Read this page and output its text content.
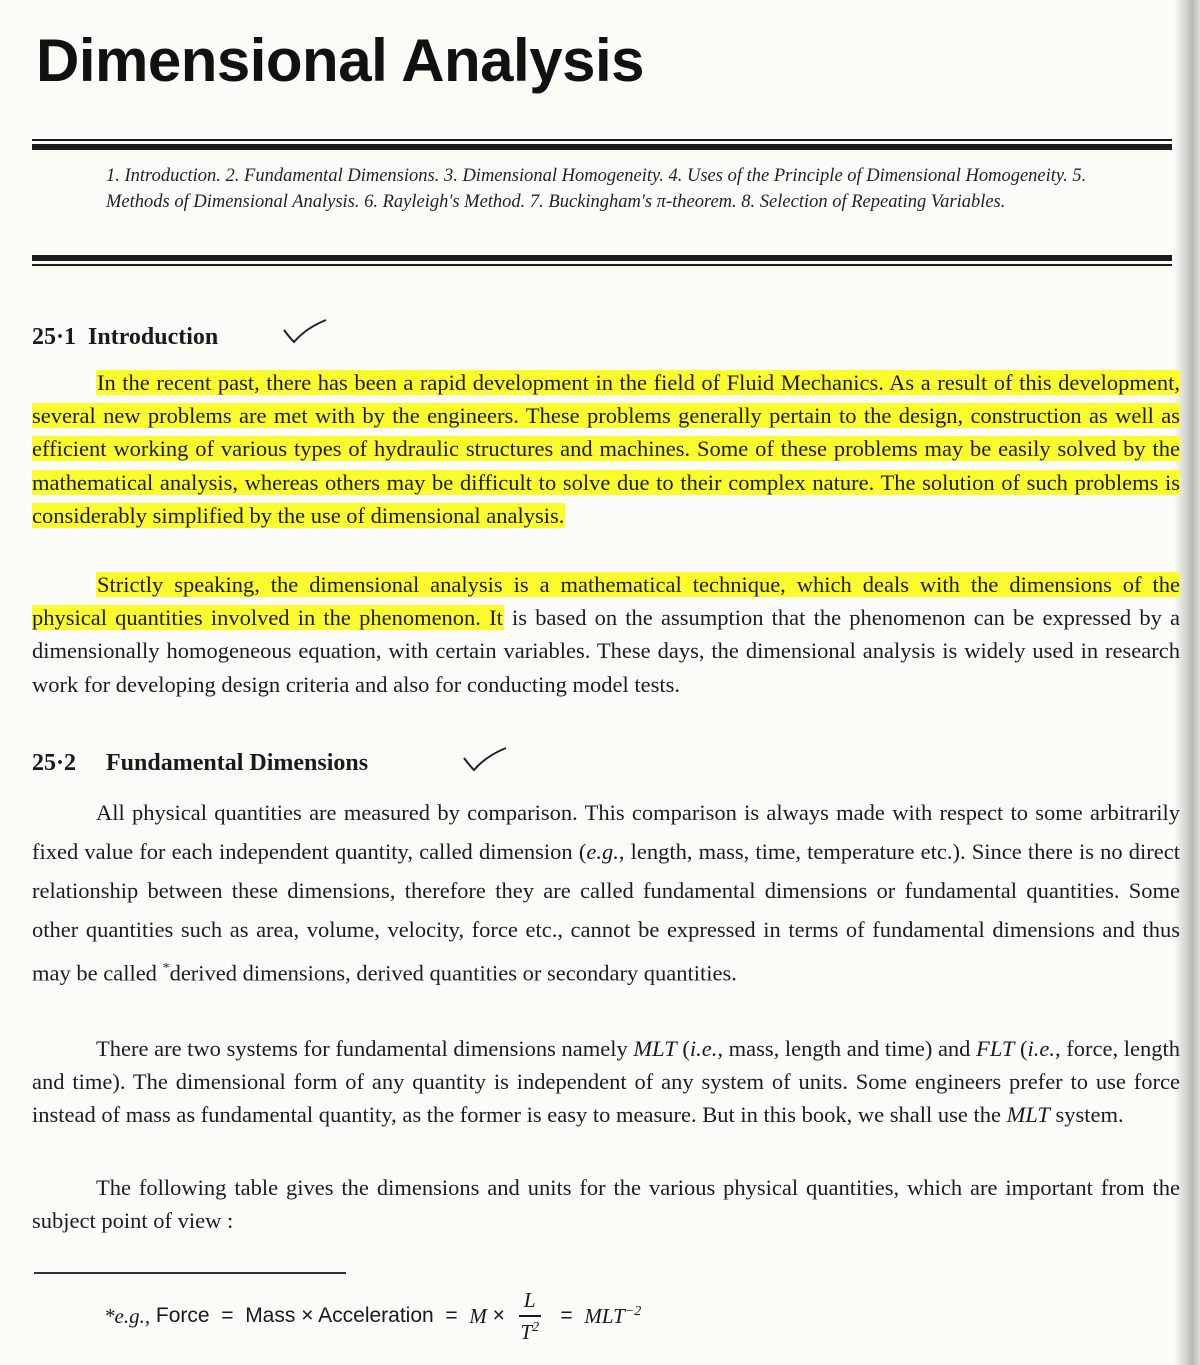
Dimensional Analysis
1. Introduction. 2. Fundamental Dimensions. 3. Dimensional Homogeneity. 4. Uses of the Principle of Dimensional Homogeneity. 5. Methods of Dimensional Analysis. 6. Rayleigh's Method. 7. Buckingham's π-theorem. 8. Selection of Repeating Variables.
25·1 Introduction

In the recent past, there has been a rapid development in the field of Fluid Mechanics. As a result of this development, several new problems are met with by the engineers. These problems generally pertain to the design, construction as well as efficient working of various types of hydraulic structures and machines. Some of these problems may be easily solved by the mathematical analysis, whereas others may be difficult to solve due to their complex nature. The solution of such problems is considerably simplified by the use of dimensional analysis.

Strictly speaking, the dimensional analysis is a mathematical technique, which deals with the dimensions of the physical quantities involved in the phenomenon. It is based on the assumption that the phenomenon can be expressed by a dimensionally homogeneous equation, with certain variables. These days, the dimensional analysis is widely used in research work for developing design criteria and also for conducting model tests.

25·2 Fundamental Dimensions

All physical quantities are measured by comparison. This comparison is always made with respect to some arbitrarily fixed value for each independent quantity, called dimension (e.g., length, mass, time, temperature etc.). Since there is no direct relationship between these dimensions, therefore they are called fundamental dimensions or fundamental quantities. Some other quantities such as area, volume, velocity, force etc., cannot be expressed in terms of fundamental dimensions and thus may be called *derived dimensions, derived quantities or secondary quantities.

There are two systems for fundamental dimensions namely MLT (i.e., mass, length and time) and FLT (i.e., force, length and time). The dimensional form of any quantity is independent of any system of units. Some engineers prefer to use force instead of mass as fundamental quantity, as the former is easy to measure. But in this book, we shall use the MLT system.

The following table gives the dimensions and units for the various physical quantities, which are important from the subject point of view :

*e.g., Force  =  Mass × Acceleration  = $M \times \frac{L}{T^2} = MLT^{-2}$
